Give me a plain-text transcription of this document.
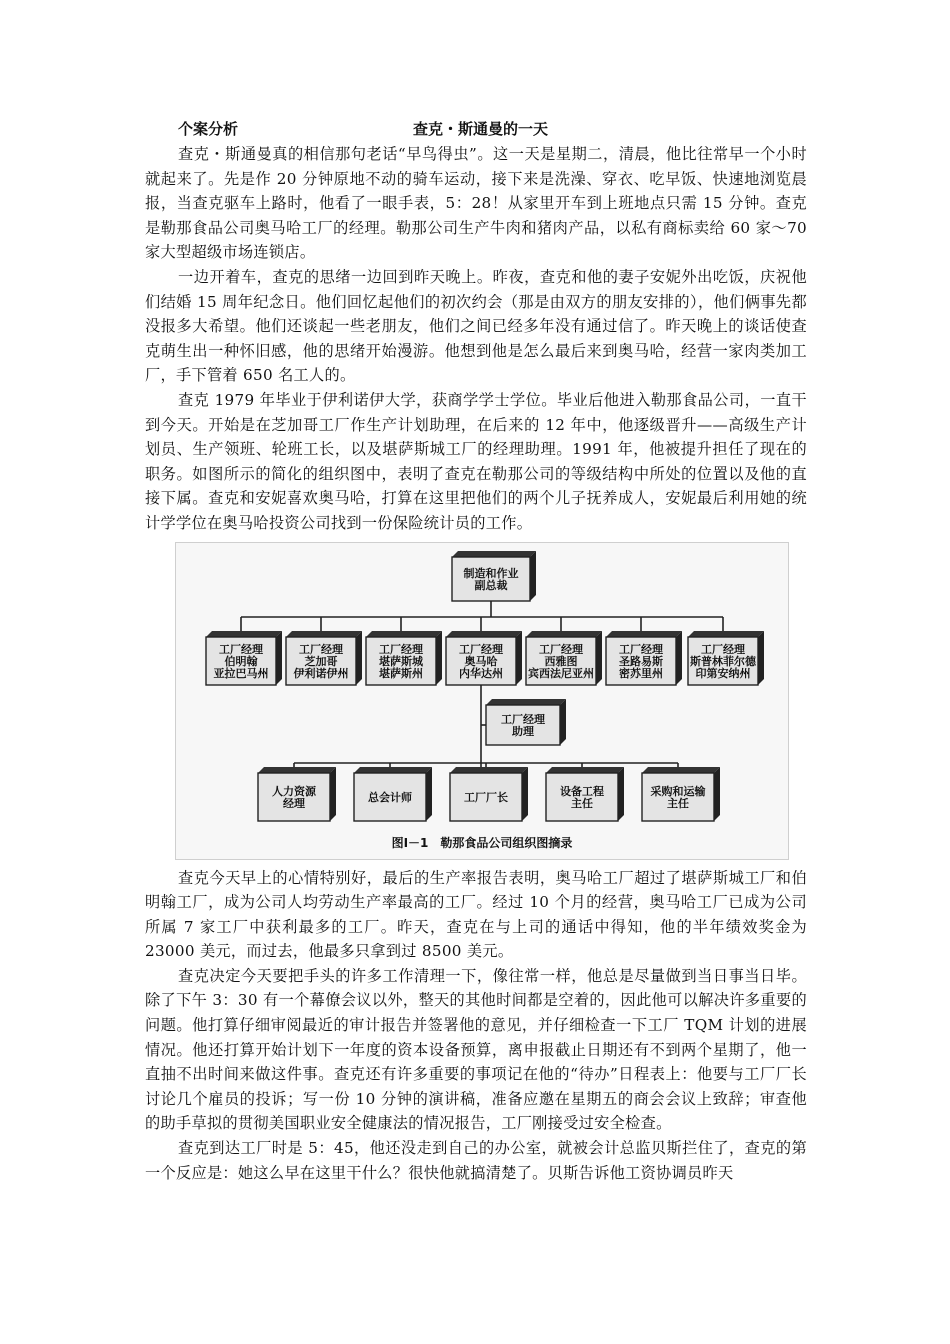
个案分析	查克・斯通曼的一天

查克・斯通曼真的相信那句老话“早鸟得虫”。这一天是星期二，清晨，他比往常早一个小时就起来了。先是作 20 分钟原地不动的骑车运动，接下来是洗澡、穿衣、吃早饭、快速地浏览晨报，当查克驱车上路时，他看了一眼手表，5：28！从家里开车到上班地点只需 15 分钟。查克是勒那食品公司奥马哈工厂的经理。勒那公司生产牛肉和猪肉产品，以私有商标卖给 60 家～70 家大型超级市场连锁店。

一边开着车，查克的思绪一边回到昨天晚上。昨夜，查克和他的妻子安妮外出吃饭，庆祝他们结婚 15 周年纪念日。他们回忆起他们的初次约会（那是由双方的朋友安排的），他们俩事先都没报多大希望。他们还谈起一些老朋友，他们之间已经多年没有通过信了。昨天晚上的谈话使查克萌生出一种怀旧感，他的思绪开始漫游。他想到他是怎么最后来到奥马哈，经营一家肉类加工厂，手下管着 650 名工人的。

查克 1979 年毕业于伊利诺伊大学，获商学学士学位。毕业后他进入勒那食品公司，一直干到今天。开始是在芝加哥工厂作生产计划助理，在后来的 12 年中，他逐级晋升——高级生产计划员、生产领班、轮班工长，以及堪萨斯城工厂的经理助理。1991 年，他被提升担任了现在的职务。如图所示的简化的组织图中，表明了查克在勒那公司的等级结构中所处的位置以及他的直接下属。查克和安妮喜欢奥马哈，打算在这里把他们的两个儿子抚养成人，安妮最后利用她的统计学学位在奥马哈投资公司找到一份保险统计员的工作。

制造和作业
副总裁
工厂经理
伯明翰
亚拉巴马州
工厂经理
芝加哥
伊利诺伊州
工厂经理
堪萨斯城
堪萨斯州
工厂经理
奥马哈
内华达州
工厂经理
西雅图
宾西法尼亚州
工厂经理
圣路易斯
密苏里州
工厂经理
斯普林菲尔德
印第安纳州
工厂经理
助理
人力资源
经理	总会计师	工厂厂长	设备工程
主任
采购和运输
主任
图Ⅰ－1　勒那食品公司组织图摘录

查克今天早上的心情特别好，最后的生产率报告表明，奥马哈工厂超过了堪萨斯城工厂和伯明翰工厂，成为公司人均劳动生产率最高的工厂。经过 10 个月的经营，奥马哈工厂已成为公司所属 7 家工厂中获利最多的工厂。昨天，查克在与上司的通话中得知，他的半年绩效奖金为 23000 美元，而过去，他最多只拿到过 8500 美元。

查克决定今天要把手头的许多工作清理一下，像往常一样，他总是尽量做到当日事当日毕。除了下午 3：30 有一个幕僚会议以外，整天的其他时间都是空着的，因此他可以解决许多重要的问题。他打算仔细审阅最近的审计报告并签署他的意见，并仔细检查一下工厂 TQM 计划的进展情况。他还打算开始计划下一年度的资本设备预算，离申报截止日期还有不到两个星期了，他一直抽不出时间来做这件事。查克还有许多重要的事项记在他的“待办”日程表上：他要与工厂厂长讨论几个雇员的投诉；写一份 10 分钟的演讲稿，准备应邀在星期五的商会会议上致辞；审查他的助手草拟的贯彻美国职业安全健康法的情况报告，工厂刚接受过安全检查。

查克到达工厂时是 5：45，他还没走到自己的办公室，就被会计总监贝斯拦住了，查克的第一个反应是：她这么早在这里干什么？很快他就搞清楚了。贝斯告诉他工资协调员昨天
